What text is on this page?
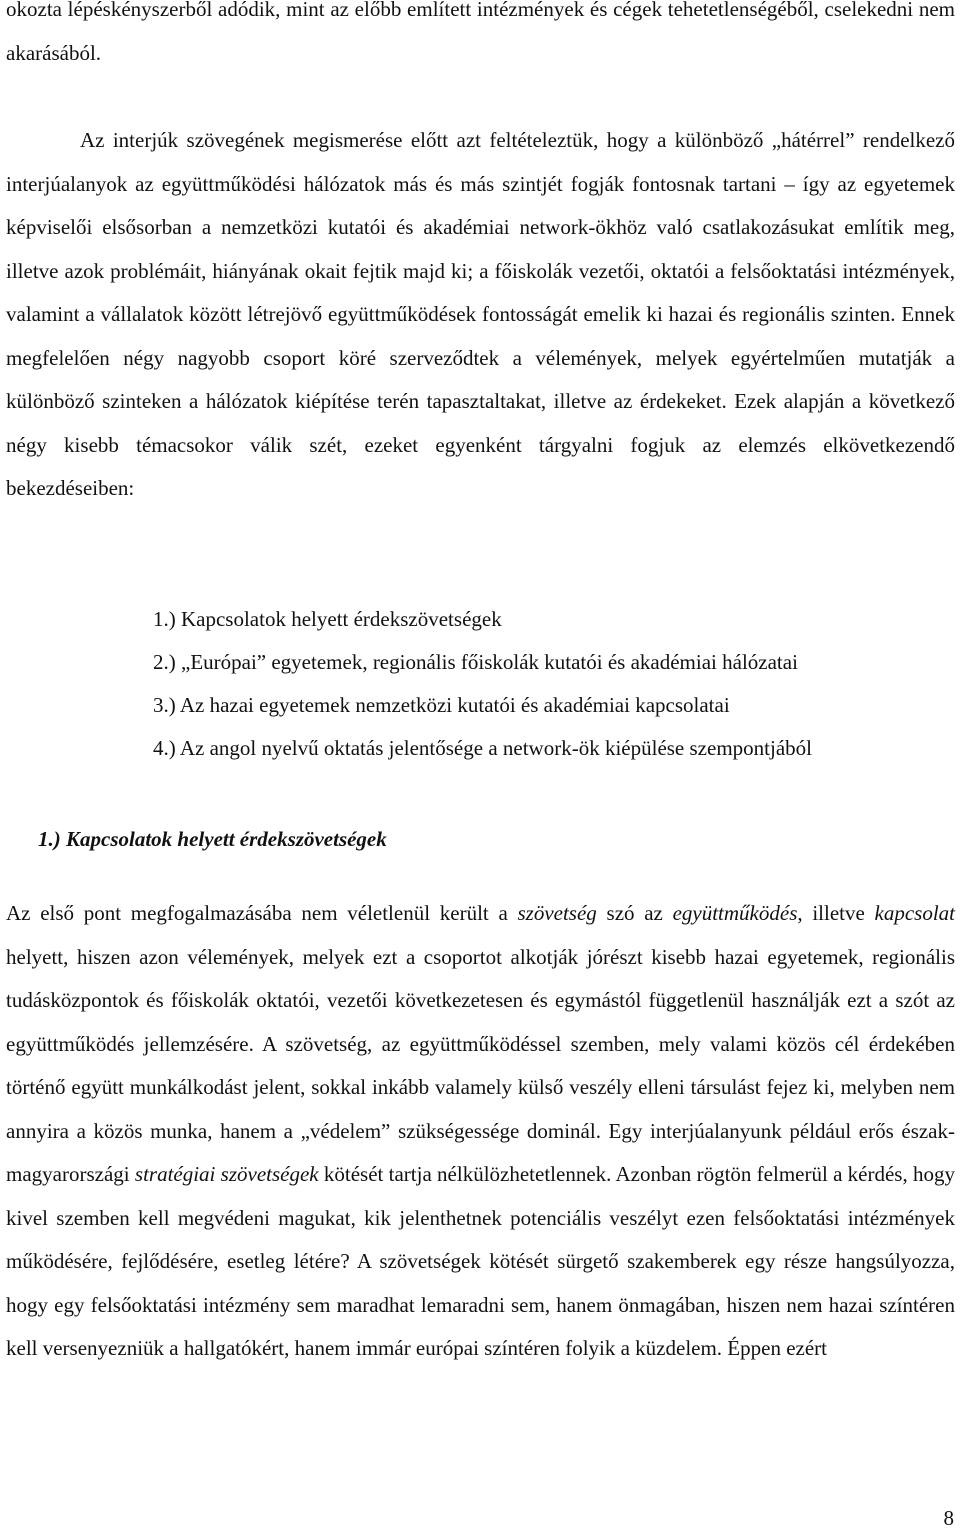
okozta lépéskényszerből adódik, mint az előbb említett intézmények és cégek tehetetlenségéből, cselekedni nem akarásából.

Az interjúk szövegének megismerése előtt azt feltételeztük, hogy a különböző „hátérrel” rendelkező interjúalanyok az együttműködési hálózatok más és más szintjét fogják fontosnak tartani – így az egyetemek képviselői elsősorban a nemzetközi kutatói és akadémiai network-ökhöz való csatlakozásukat említik meg, illetve azok problémáit, hiányának okait fejtik majd ki; a főiskolák vezetői, oktatói a felsőoktatási intézmények, valamint a vállalatok között létrejövő együttműködések fontosságát emelik ki hazai és regionális szinten. Ennek megfelelően négy nagyobb csoport köré szerveződtek a vélemények, melyek egyértelműen mutatják a különböző szinteken a hálózatok kiépítése terén tapasztaltakat, illetve az érdekeket. Ezek alapján a következő négy kisebb témacsokor válik szét, ezeket egyenként tárgyalni fogjuk az elemzés elkövetkezendő bekezdéseiben:

1.) Kapcsolatok helyett érdekszövetségek
2.) „Európai” egyetemek, regionális főiskolák kutatói és akadémiai hálózatai
3.) Az hazai egyetemek nemzetközi kutatói és akadémiai kapcsolatai
4.) Az angol nyelvű oktatás jelentősége a network-ök kiépülése szempontjából
1.) Kapcsolatok helyett érdekszövetségek

Az első pont megfogalmazásába nem véletlenül került a szövetség szó az együttműködés, illetve kapcsolat helyett, hiszen azon vélemények, melyek ezt a csoportot alkotják jórészt kisebb hazai egyetemek, regionális tudásközpontok és főiskolák oktatói, vezetői következetesen és egymástól függetlenül használják ezt a szót az együttműködés jellemzésére. A szövetség, az együttműködéssel szemben, mely valami közös cél érdekében történő együtt munkálkodást jelent, sokkal inkább valamely külső veszély elleni társulást fejez ki, melyben nem annyira a közös munka, hanem a „védelem” szükségessége dominál. Egy interjúalanyunk például erős észak-magyarországi stratégiai szövetségek kötését tartja nélkülözhetetlennek. Azonban rögtön felmerül a kérdés, hogy kivel szemben kell megvédeni magukat, kik jelenthetnek potenciális veszélyt ezen felsőoktatási intézmények működésére, fejlődésére, esetleg létére? A szövetségek kötését sürgető szakemberek egy része hangsúlyozza, hogy egy felsőoktatási intézmény sem maradhat lemaradni sem, hanem önmagában, hiszen nem hazai színtéren kell versenyezniük a hallgatókért, hanem immár európai színtéren folyik a küzdelem. Éppen ezért

8
